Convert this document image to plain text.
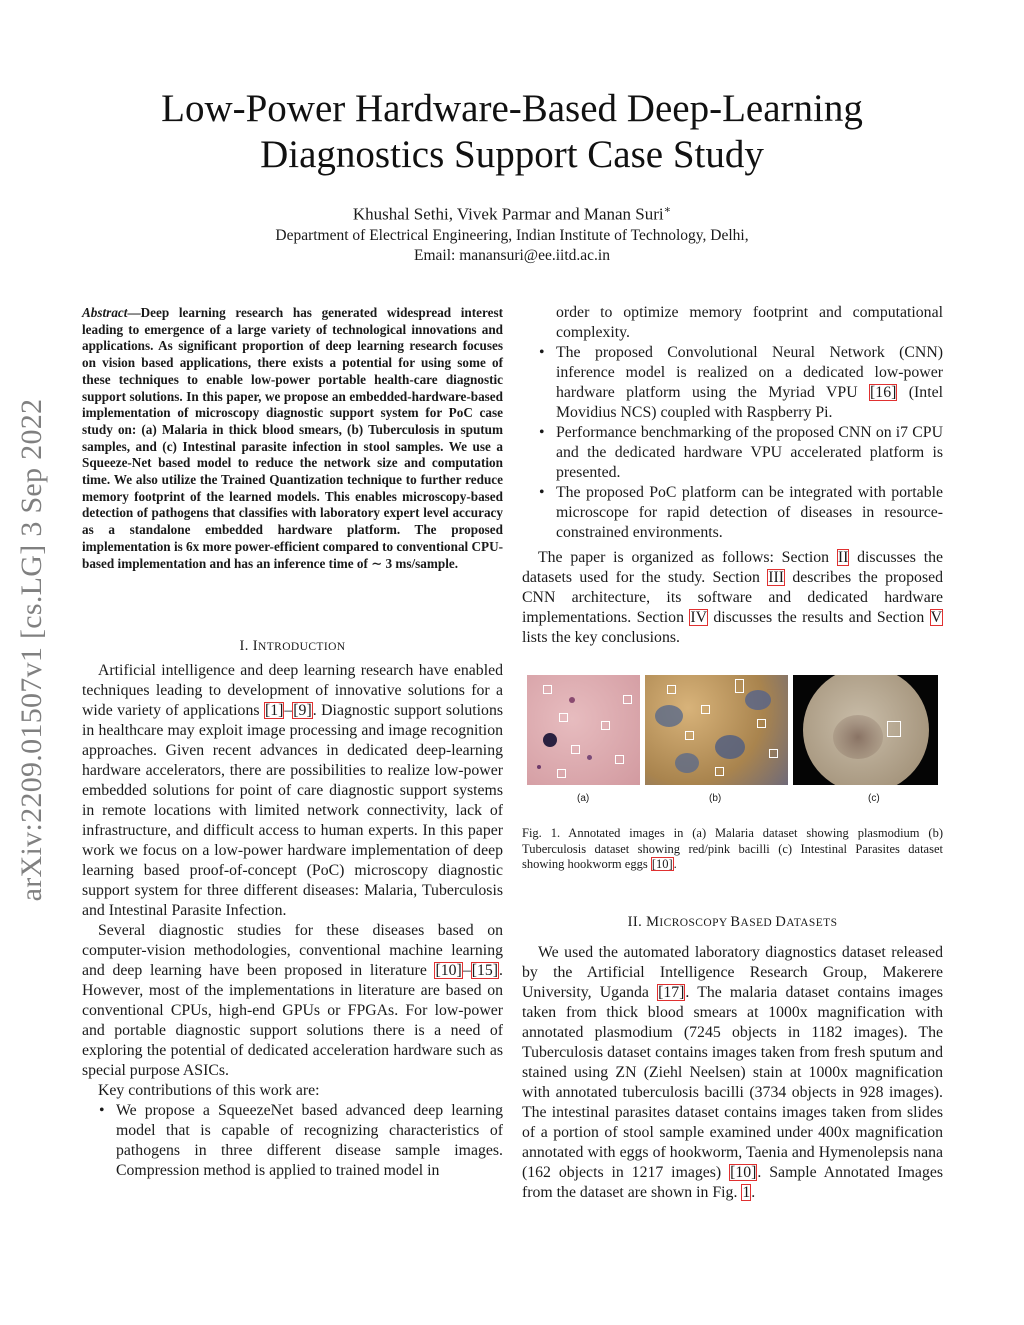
arXiv:2209.01507v1 [cs.LG] 3 Sep 2022
Low-Power Hardware-Based Deep-Learning
Diagnostics Support Case Study
Khushal Sethi, Vivek Parmar and Manan Suri∗
Department of Electrical Engineering, Indian Institute of Technology, Delhi,
Email: manansuri@ee.iitd.ac.in
Abstract—Deep learning research has generated widespread interest leading to emergence of a large variety of technological innovations and applications. As significant proportion of deep learning research focuses on vision based applications, there exists a potential for using some of these techniques to enable low-power portable health-care diagnostic support solutions. In this paper, we propose an embedded-hardware-based implementation of microscopy diagnostic support system for PoC case study on: (a) Malaria in thick blood smears, (b) Tuberculosis in sputum samples, and (c) Intestinal parasite infection in stool samples. We use a Squeeze-Net based model to reduce the network size and computation time. We also utilize the Trained Quantization technique to further reduce memory footprint of the learned models. This enables microscopy-based detection of pathogens that classifies with laboratory expert level accuracy as a standalone embedded hardware platform. The proposed implementation is 6x more power-efficient compared to conventional CPU-based implementation and has an inference time of ∼ 3 ms/sample.
I. INTRODUCTION

Artificial intelligence and deep learning research have enabled techniques leading to development of innovative solutions for a wide variety of applications [1]–[9]. Diagnostic support solutions in healthcare may exploit image processing and image recognition approaches. Given recent advances in dedicated deep-learning hardware accelerators, there are possibilities to realize low-power embedded solutions for point of care diagnostic support systems in remote locations with limited network connectivity, lack of infrastructure, and difficult access to human experts. In this paper work we focus on a low-power hardware implementation of deep learning based proof-of-concept (PoC) microscopy diagnostic support system for three different diseases: Malaria, Tuberculosis and Intestinal Parasite Infection.

Several diagnostic studies for these diseases based on computer-vision methodologies, conventional machine learning and deep learning have been proposed in literature [10]–[15]. However, most of the implementations in literature are based on conventional CPUs, high-end GPUs or FPGAs. For low-power and portable diagnostic support solutions there is a need of exploring the potential of dedicated acceleration hardware such as special purpose ASICs.

Key contributions of this work are:

• We propose a SqueezeNet based advanced deep learning model that is capable of recognizing characteristics of pathogens in three different disease sample images. Compression method is applied to trained model in
order to optimize memory footprint and computational complexity.
• The proposed Convolutional Neural Network (CNN) inference model is realized on a dedicated low-power hardware platform using the Myriad VPU [16] (Intel Movidius NCS) coupled with Raspberry Pi.
• Performance benchmarking of the proposed CNN on i7 CPU and the dedicated hardware VPU accelerated platform is presented.
• The proposed PoC platform can be integrated with portable microscope for rapid detection of diseases in resource-constrained environments.

The paper is organized as follows: Section II discusses the datasets used for the study. Section III describes the proposed CNN architecture, its software and dedicated hardware implementations. Section IV discusses the results and Section V lists the key conclusions.

(a)	(b)	(c)
Fig. 1. Annotated images in (a) Malaria dataset showing plasmodium (b) Tuberculosis dataset showing red/pink bacilli (c) Intestinal Parasites dataset showing hookworm eggs [10].
II. MICROSCOPY BASED DATASETS

We used the automated laboratory diagnostics dataset released by the Artificial Intelligence Research Group, Makerere University, Uganda [17]. The malaria dataset contains images taken from thick blood smears at 1000x magnification with annotated plasmodium (7245 objects in 1182 images). The Tuberculosis dataset contains images taken from fresh sputum and stained using ZN (Ziehl Neelsen) stain at 1000x magnification with annotated tuberculosis bacilli (3734 objects in 928 images). The intestinal parasites dataset contains images taken from slides of a portion of stool sample examined under 400x magnification annotated with eggs of hookworm, Taenia and Hymenolepsis nana (162 objects in 1217 images) [10]. Sample Annotated Images from the dataset are shown in Fig. 1.
